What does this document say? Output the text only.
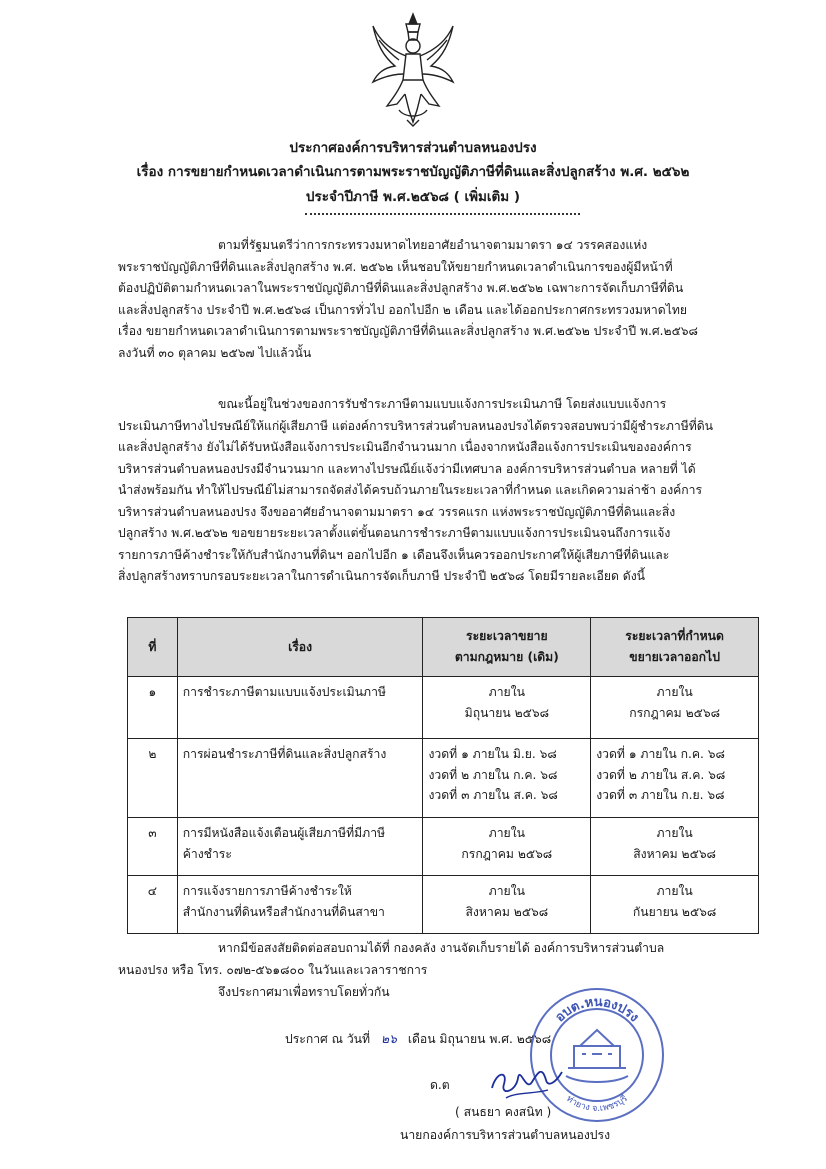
ประกาศองค์การบริหารส่วนตำบลหนองปรง
เรื่อง การขยายกำหนดเวลาดำเนินการตามพระราชบัญญัติภาษีที่ดินและสิ่งปลูกสร้าง พ.ศ. ๒๕๖๒
ประจำปีภาษี พ.ศ.๒๕๖๘ ( เพิ่มเติม )
ตามที่รัฐมนตรีว่าการกระทรวงมหาดไทยอาศัยอำนาจตามมาตรา ๑๔ วรรคสองแห่ง
พระราชบัญญัติภาษีที่ดินและสิ่งปลูกสร้าง พ.ศ. ๒๕๖๒ เห็นชอบให้ขยายกำหนดเวลาดำเนินการของผู้มีหน้าที่
ต้องปฏิบัติตามกำหนดเวลาในพระราชบัญญัติภาษีที่ดินและสิ่งปลูกสร้าง พ.ศ.๒๕๖๒ เฉพาะการจัดเก็บภาษีที่ดิน
และสิ่งปลูกสร้าง ประจำปี พ.ศ.๒๕๖๘ เป็นการทั่วไป ออกไปอีก ๒ เดือน และได้ออกประกาศกระทรวงมหาดไทย
เรื่อง ขยายกำหนดเวลาดำเนินการตามพระราชบัญญัติภาษีที่ดินและสิ่งปลูกสร้าง พ.ศ.๒๕๖๒ ประจำปี พ.ศ.๒๕๖๘
ลงวันที่ ๓๐ ตุลาคม ๒๕๖๗ ไปแล้วนั้น
ขณะนี้อยู่ในช่วงของการรับชำระภาษีตามแบบแจ้งการประเมินภาษี โดยส่งแบบแจ้งการ
ประเมินภาษีทางไปรษณีย์ให้แก่ผู้เสียภาษี แต่องค์การบริหารส่วนตำบลหนองปรงได้ตรวจสอบพบว่ามีผู้ชำระภาษีที่ดิน
และสิ่งปลูกสร้าง ยังไม่ได้รับหนังสือแจ้งการประเมินอีกจำนวนมาก เนื่องจากหนังสือแจ้งการประเมินขององค์การ
บริหารส่วนตำบลหนองปรงมีจำนวนมาก และทางไปรษณีย์แจ้งว่ามีเทศบาล องค์การบริหารส่วนตำบล หลายที่ ได้
นำส่งพร้อมกัน ทำให้ไปรษณีย์ไม่สามารถจัดส่งได้ครบถ้วนภายในระยะเวลาที่กำหนด และเกิดความล่าช้า องค์การ
บริหารส่วนตำบลหนองปรง จึงขออาศัยอำนาจตามมาตรา ๑๔ วรรคแรก แห่งพระราชบัญญัติภาษีที่ดินและสิ่ง
ปลูกสร้าง พ.ศ.๒๕๖๒ ขอขยายระยะเวลาตั้งแต่ขั้นตอนการชำระภาษีตามแบบแจ้งการประเมินจนถึงการแจ้ง
รายการภาษีค้างชำระให้กับสำนักงานที่ดินฯ ออกไปอีก ๑ เดือนจึงเห็นควรออกประกาศให้ผู้เสียภาษีที่ดินและ
สิ่งปลูกสร้างทราบกรอบระยะเวลาในการดำเนินการจัดเก็บภาษี ประจำปี ๒๕๖๘ โดยมีรายละเอียด ดังนี้
ที่	เรื่อง	ระยะเวลาขยาย
ตามกฎหมาย (เดิม)	ระยะเวลาที่กำหนด
ขยายเวลาออกไป

๑	การชำระภาษีตามแบบแจ้งประเมินภาษี	ภายใน
มิถุนายน ๒๕๖๘	ภายใน
กรกฎาคม ๒๕๖๘

๒	การผ่อนชำระภาษีที่ดินและสิ่งปลูกสร้าง	งวดที่ ๑ ภายใน มิ.ย. ๖๘
งวดที่ ๒ ภายใน ก.ค. ๖๘
งวดที่ ๓ ภายใน ส.ค. ๖๘	งวดที่ ๑ ภายใน ก.ค. ๖๘
งวดที่ ๒ ภายใน ส.ค. ๖๘
งวดที่ ๓ ภายใน ก.ย. ๖๘

๓	การมีหนังสือแจ้งเตือนผู้เสียภาษีที่มีภาษี
ค้างชำระ	ภายใน
กรกฎาคม ๒๕๖๘	ภายใน
สิงหาคม ๒๕๖๘

๔	การแจ้งรายการภาษีค้างชำระให้
สำนักงานที่ดินหรือสำนักงานที่ดินสาขา	ภายใน
สิงหาคม ๒๕๖๘	ภายใน
กันยายน ๒๕๖๘
หากมีข้อสงสัยติดต่อสอบถามได้ที่ กองคลัง งานจัดเก็บรายได้ องค์การบริหารส่วนตำบล
หนองปรง หรือ โทร. ๐๗๒-๕๖๑๘๐๐ ในวันและเวลาราชการ
จึงประกาศมาเพื่อทราบโดยทั่วกัน
ประกาศ ณ วันที่ ๒๖ เดือน มิถุนายน พ.ศ. ๒๕๖๘
อบต.หนองปรง
ท่ายาง จ.เพชรบุรี
ด.ต
( สนธยา คงสนิท )
นายกองค์การบริหารส่วนตำบลหนองปรง
